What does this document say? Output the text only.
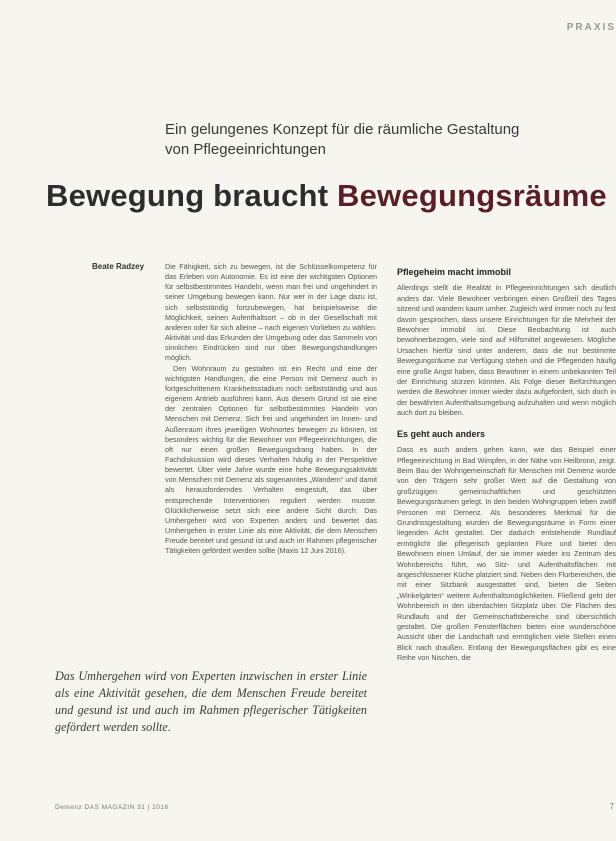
PRAXIS
Ein gelungenes Konzept für die räumliche Gestaltung
von Pflegeeinrichtungen
Bewegung braucht Bewegungsräume
Beate Radzey	Die Fähigkeit, sich zu bewegen, ist die Schlüsselkompetenz für das Erleben von Autonomie. Es ist eine der wichtigsten Optionen für selbstbestimmtes Handeln, wenn man frei und ungehindert in seiner Umgebung bewegen kann. Nur wer in der Lage dazu ist, sich selbstständig fortzubewegen, hat beispielsweise die Möglichkeit, seinen Aufenthaltsort – ob in der Gesellschaft mit anderen oder für sich alleine – nach eigenen Vorlieben zu wählen. Aktivität und das Erkunden der Umgebung oder das Sammeln von sinnlichen Eindrücken sind nur über Bewegungshandlungen möglich.

Den Wohnraum zu gestalten ist ein Recht und eine der wichtigsten Handlungen, die eine Person mit Demenz auch in fortgeschrittenem Krankheitsstadium noch selbstständig und aus eigenem Antrieb ausführen kann. Aus diesem Grund ist sie eine der zentralen Optionen für selbstbestimmtes Handeln von Menschen mit Demenz. Sich frei und ungehindert im Innen- und Außenraum ihres jeweiligen Wohnortes bewegen zu können, ist besonders wichtig für die Bewohner von Pflegeeinrichtungen, die oft nur einen großen Bewegungsdrang haben. In der Fachdiskussion wird dieses Verhalten häufig in der Perspektive bewertet. Über viele Jahre wurde eine hohe Bewegungsaktivität von Menschen mit Demenz als sogenanntes „Wandern“ und damit als herausforderndes Verhalten eingestuft, das über entsprechende Interventionen reguliert werden musste. Glücklicherweise setzt sich eine andere Sicht durch: Das Umhergehen wird von Experten anders und bewertet das Umhergehen in erster Linie als eine Aktivität, die dem Menschen Freude bereitet und gesund ist und auch im Rahmen pflegerischer Tätigkeiten gefördert werden sollte (Maxis 12 Juni 2016).

Pflegeheim macht immobil

Allerdings stellt die Realität in Pflegeeinrichtungen sich deutlich anders dar. Viele Bewohner verbringen einen Großteil des Tages sitzend und wandern kaum umher. Zugleich wird immer noch zu fest davon gesprochen, dass unsere Einrichtungen für die Mehrheit der Bewohner immobil ist. Diese Beobachtung ist auch bewohnerbezogen, viele sind auf Hilfsmittel angewiesen. Mögliche Ursachen hierfür sind unter anderem, dass die nur bestimmte Bewegungsräume zur Verfügung stehen und die Pflegenden häufig eine große Angst haben, dass Bewohner in einem unbekannten Teil der Einrichtung stürzen könnten. Als Folge dieser Befürchtungen werden die Bewohner immer wieder dazu aufgefordert, sich doch in der bewährten Aufenthaltsumgebung aufzuhalten und wenn möglich auch dort zu bleiben.

Es geht auch anders

Dass es auch anders gehen kann, wie das Beispiel einer Pflegeeinrichtung in Bad Wimpfen, in der Nähe von Heilbronn, zeigt. Beim Bau der Wohngemeinschaft für Menschen mit Demenz wurde von den Trägern sehr großer Wert auf die Gestaltung von großzügigen gemeinschaftlichen und geschützten Bewegungsräumen gelegt. In den beiden Wohngruppen leben zwölf Personen mit Demenz. Als besonderes Merkmal für die Grundrissgestaltung wurden die Bewegungsräume in Form einer liegenden Acht gestaltet. Der dadurch entstehende Rundlauf ermöglicht die pflegerisch geplanten Flure und bietet den Bewohnern einen Umlauf, der sie immer wieder ins Zentrum des Wohnbereichs führt, wo Sitz- und Aufenthaltsflächen mit angeschlossener Küche platziert sind. Neben den Flurbereichen, die mit einer Sitzbank ausgestattet sind, bieten die Seiten „Winkelgärten“ weitere Aufenthaltsmöglichkeiten. Fließend geht der Wohnbereich in den überdachten Sitzplatz über. Die Flächen des Rundlaufs und der Gemeinschaftsbereiche sind übersichtlich gestaltet. Die großen Fensterflächen bieten eine wunderschöne Aussicht über die Landschaft und ermöglichen viele Stellen einen Blick nach draußen. Entlang der Bewegungsflächen gibt es eine Reihe von Nischen, die

Das Umhergehen wird von Experten inzwischen in erster Linie als eine Aktivität gesehen, die dem Menschen Freude bereitet und gesund ist und auch im Rahmen pflegerischer Tätigkeiten gefördert werden sollte.
Demenz DAS MAGAZIN 31 | 2016	7
